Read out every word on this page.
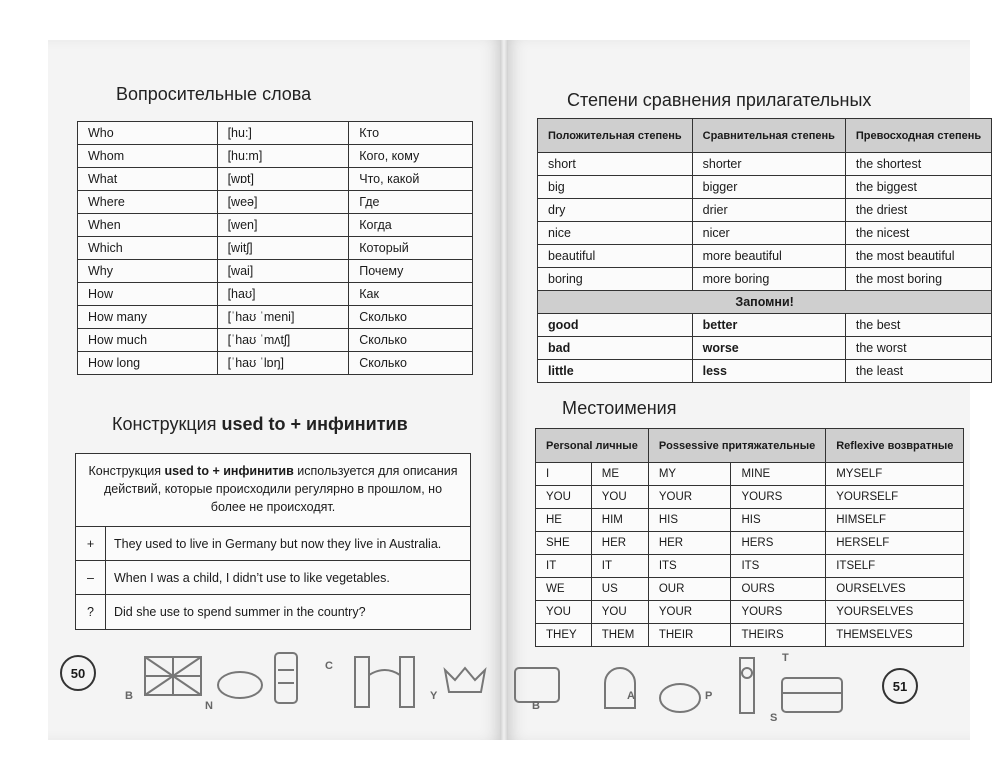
Вопросительные слова
Who	[hu:]	Кто
Whom	[hu:m]	Кого, кому
What	[wɒt]	Что, какой
Where	[weə]	Где
When	[wen]	Когда
Which	[witʃ]	Который
Why	[wai]	Почему
How	[haʊ]	Как
How many	[ˈhaʊ ˈmeni]	Сколько
How much	[ˈhaʊ ˈmʌtʃ]	Сколько
How long	[ˈhaʊ ˈlɒŋ]	Сколько
Конструкция used to + инфинитив
Конструкция used to + инфинитив используется для описания действий, которые происходили регулярно в прошлом, но более не происходят.
+	They used to live in Germany but now they live in Australia.
–	When I was a child, I didn’t use to like vegetables.
?	Did she use to spend summer in the country?
50
B
C
N
Y
Степени сравнения прилагательных
Положительная степень	Сравнительная степень	Превосходная степень
short	shorter	the shortest
big	bigger	the biggest
dry	drier	the driest
nice	nicer	the nicest
beautiful	more beautiful	the most beautiful
boring	more boring	the most boring
Запомни!		
good	better	the best
bad	worse	the worst
little	less	the least
Местоимения
Personal личные		Possessive притяжательные		Reflexive возвратные
I	ME	MY	MINE	MYSELF
YOU	YOU	YOUR	YOURS	YOURSELF
HE	HIM	HIS	HIS	HIMSELF
SHE	HER	HER	HERS	HERSELF
IT	IT	ITS	ITS	ITSELF
WE	US	OUR	OURS	OURSELVES
YOU	YOU	YOUR	YOURS	YOURSELVES
THEY	THEM	THEIR	THEIRS	THEMSELVES
51
B
A	P
T
S
